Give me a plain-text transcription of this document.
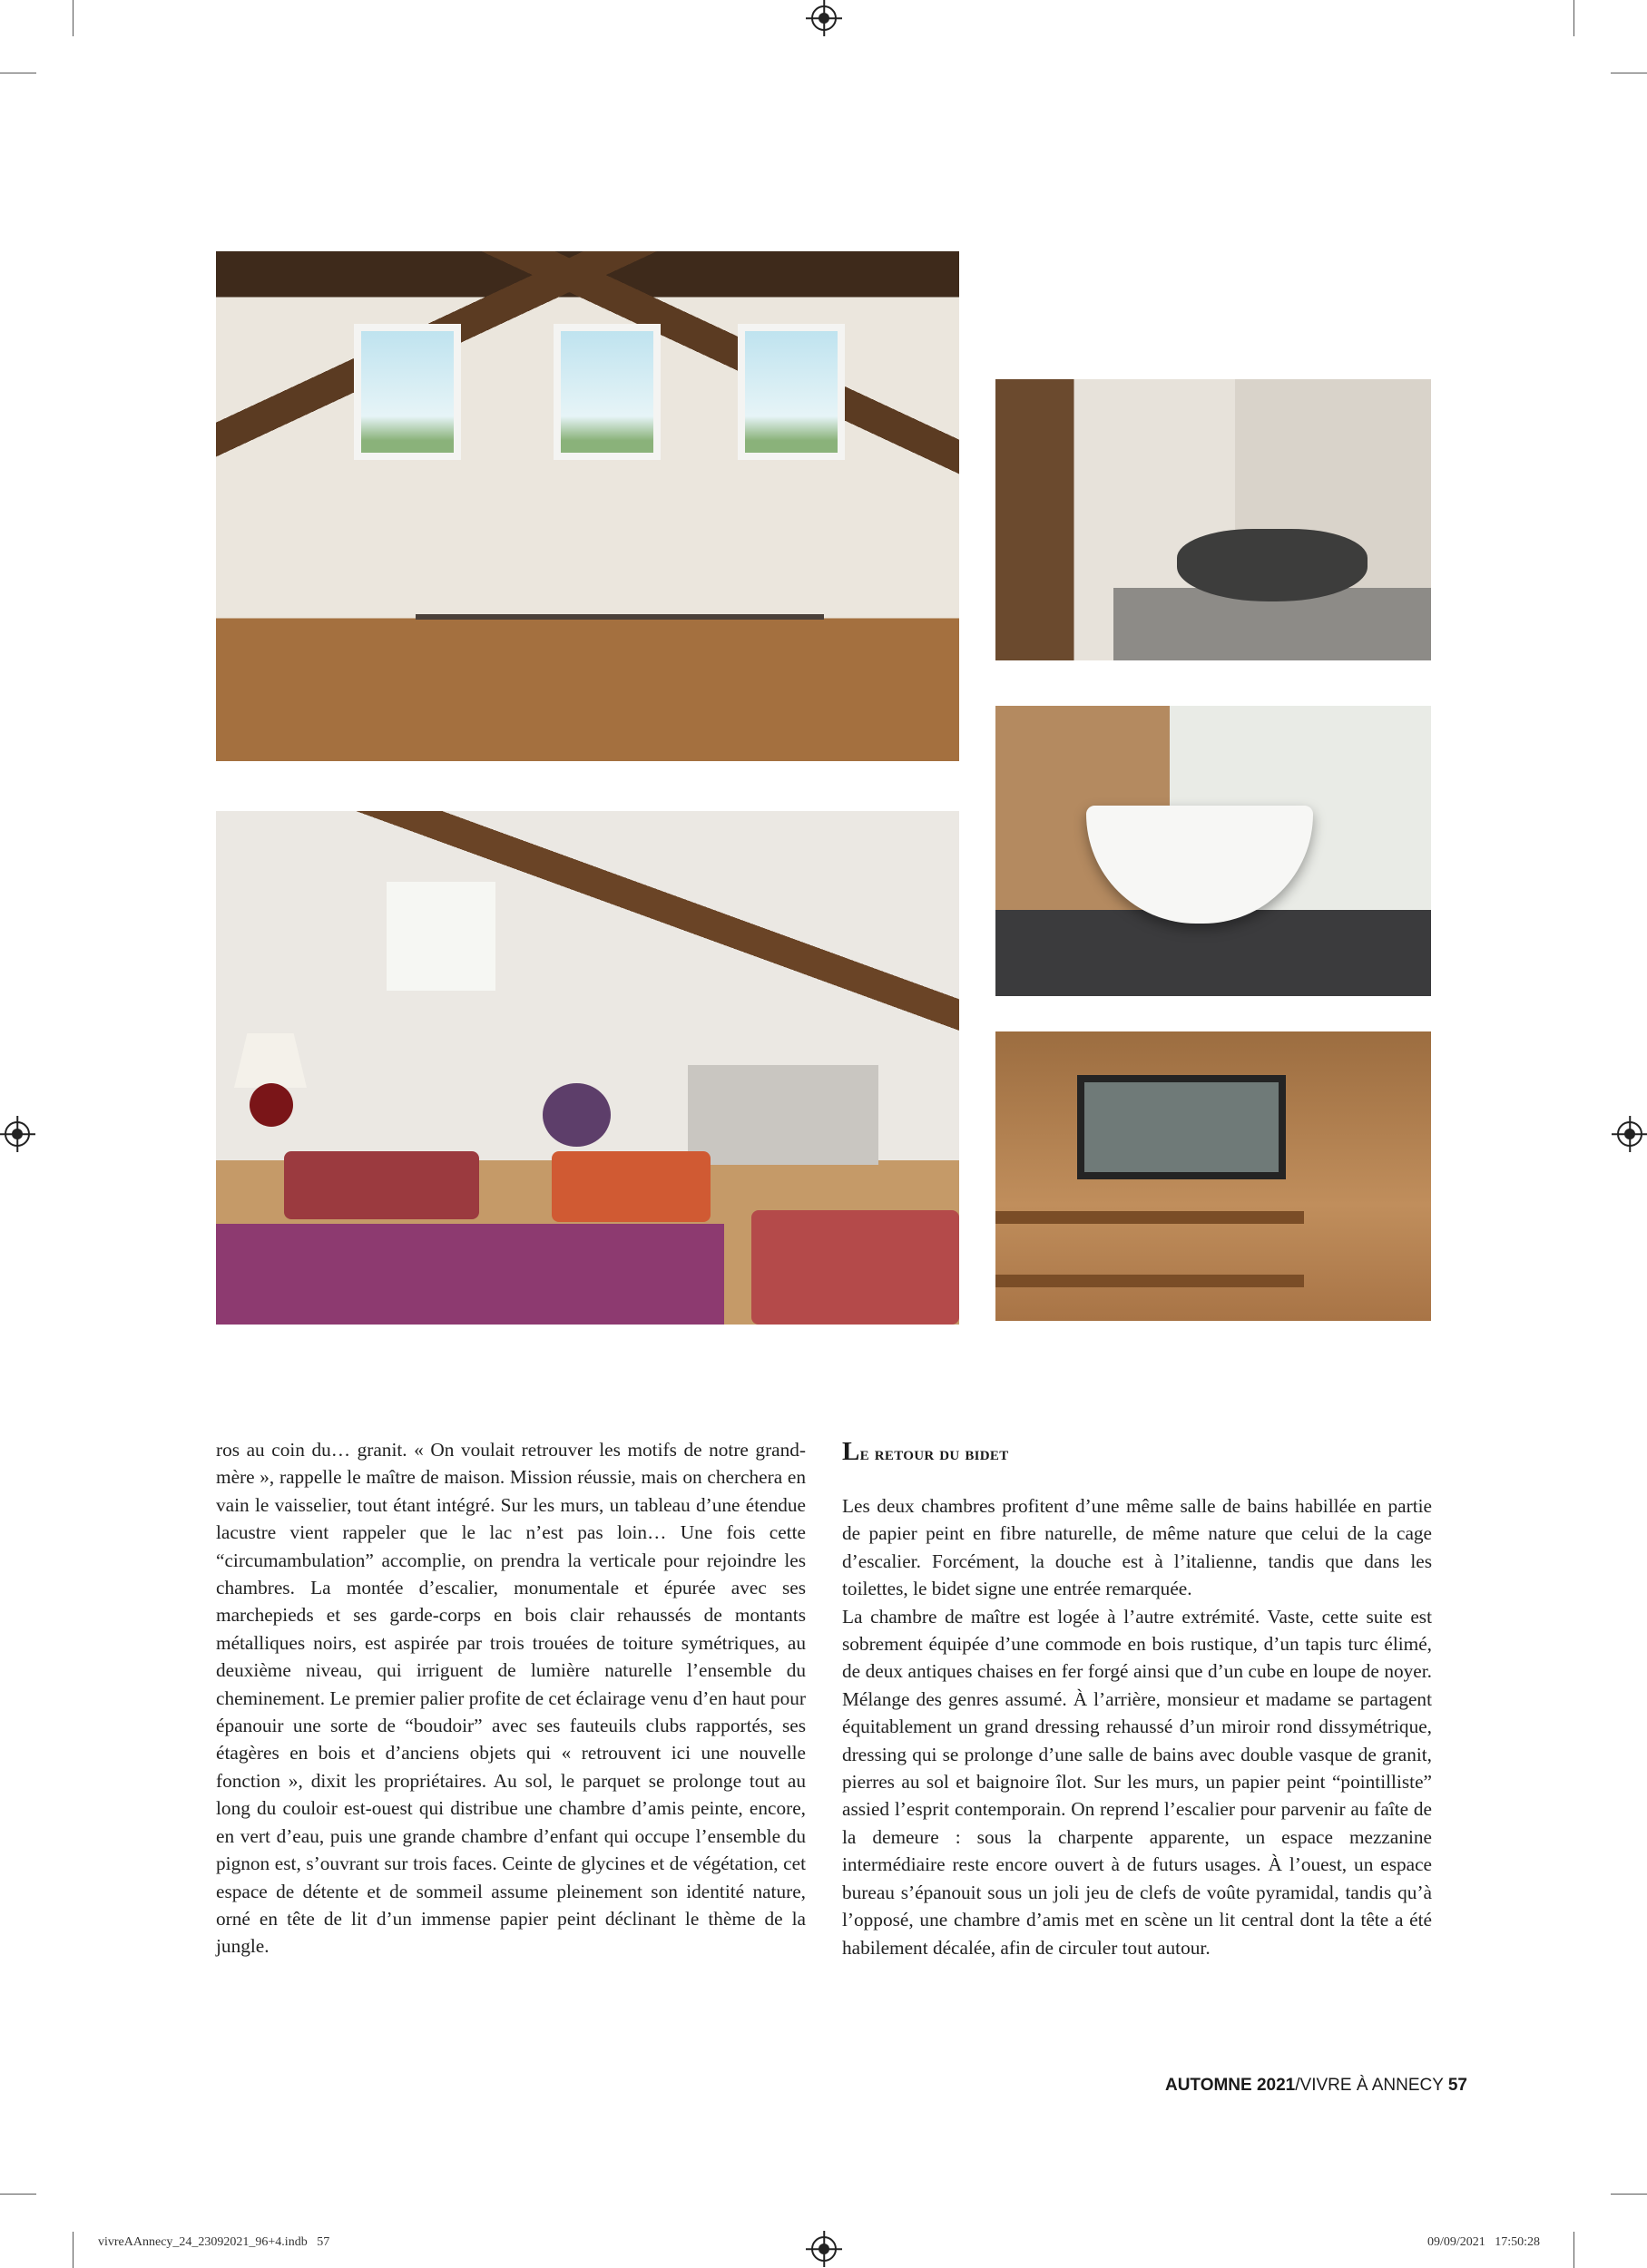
Le retour du bidet

ros au coin du… granit. « On voulait retrouver les motifs de notre grand-mère », rappelle le maître de maison. Mission réussie, mais on cherchera en vain le vaisselier, tout étant intégré. Sur les murs, un tableau d’une étendue lacustre vient rappeler que le lac n’est pas loin… Une fois cette “circumambulation” accomplie, on prendra la verticale pour rejoindre les chambres. La montée d’escalier, monumentale et épurée avec ses marchepieds et ses garde-corps en bois clair rehaussés de montants métalliques noirs, est aspirée par trois trouées de toiture symétriques, au deuxième niveau, qui irriguent de lumière naturelle l’ensemble du cheminement. Le premier palier profite de cet éclairage venu d’en haut pour épanouir une sorte de “boudoir” avec ses fauteuils clubs rapportés, ses étagères en bois et d’anciens objets qui « retrouvent ici une nouvelle fonction », dixit les propriétaires. Au sol, le parquet se prolonge tout au long du couloir est-ouest qui distribue une chambre d’amis peinte, encore, en vert d’eau, puis une grande chambre d’enfant qui occupe l’ensemble du pignon est, s’ouvrant sur trois faces. Ceinte de glycines et de végétation, cet espace de détente et de sommeil assume pleinement son identité nature, orné en tête de lit d’un immense papier peint déclinant le thème de la jungle.

Les deux chambres profitent d’une même salle de bains habillée en partie de papier peint en fibre naturelle, de même nature que celui de la cage d’escalier. Forcément, la douche est à l’italienne, tandis que dans les toilettes, le bidet signe une entrée remarquée.

La chambre de maître est logée à l’autre extrémité. Vaste, cette suite est sobrement équipée d’une commode en bois rustique, d’un tapis turc élimé, de deux antiques chaises en fer forgé ainsi que d’un cube en loupe de noyer. Mélange des genres assumé. À l’arrière, monsieur et madame se partagent équitablement un grand dressing rehaussé d’un miroir rond dissymétrique, dressing qui se prolonge d’une salle de bains avec double vasque de granit, pierres au sol et baignoire îlot. Sur les murs, un papier peint “pointilliste” assied l’esprit contemporain. On reprend l’escalier pour parvenir au faîte de la demeure : sous la charpente apparente, un espace mezzanine intermédiaire reste encore ouvert à de futurs usages. À l’ouest, un espace bureau s’épanouit sous un joli jeu de clefs de voûte pyramidal, tandis qu’à l’opposé, une chambre d’amis met en scène un lit central dont la tête a été habilement décalée, afin de circuler tout autour.

AUTOMNE 2021/VIVRE À ANNECY 57
vivreAAnnecy_24_23092021_96+4.indb   57	09/09/2021   17:50:28
